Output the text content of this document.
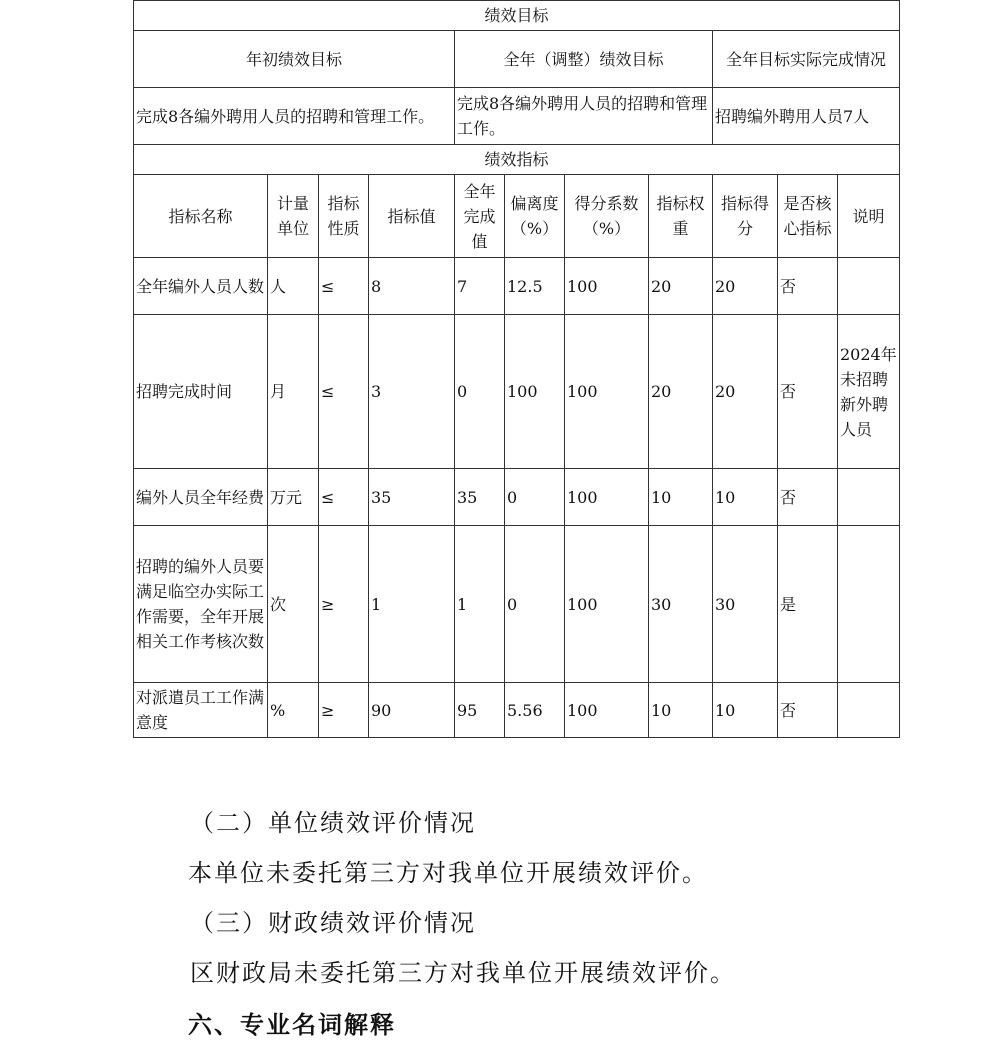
绩效目标										
年初绩效目标				全年（调整）绩效目标				全年目标实际完成情况		
完成8各编外聘用人员的招聘和管理工作。				完成8各编外聘用人员的招聘和管理工作。				招聘编外聘用人员7人		
绩效指标										
指标名称	计量单位	指标性质	指标值	全年完成值	偏离度（%）	得分系数（%）	指标权重	指标得分	是否核心指标	说明
全年编外人员人数	人	≤	8	7	12.5	100	20	20	否	
招聘完成时间	月	≤	3	0	100	100	20	20	否	2024年未招聘新外聘人员
编外人员全年经费	万元	≤	35	35	0	100	10	10	否	
招聘的编外人员要满足临空办实际工作需要，全年开展相关工作考核次数	次	≥	1	1	0	100	30	30	是	
对派遣员工工作满意度	%	≥	90	95	5.56	100	10	10	否	

（二）单位绩效评价情况

本单位未委托第三方对我单位开展绩效评价。

（三）财政绩效评价情况

区财政局未委托第三方对我单位开展绩效评价。

六、专业名词解释
